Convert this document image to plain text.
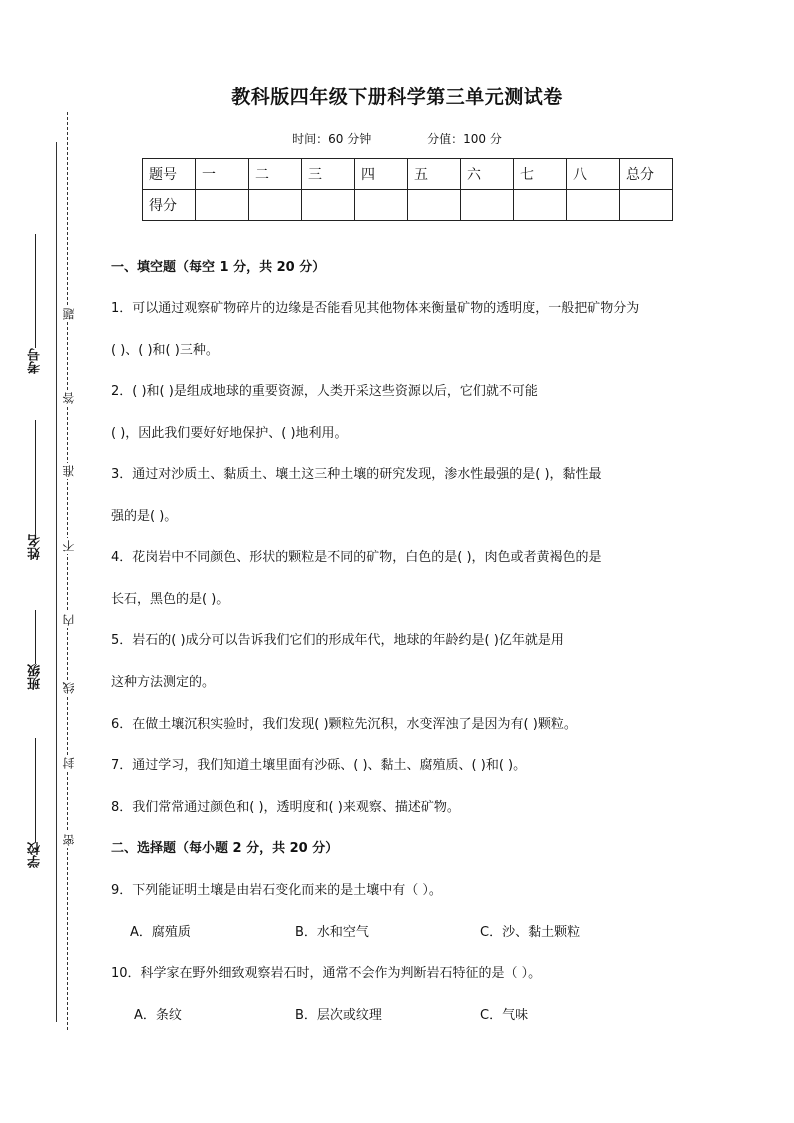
考号
姓名
班级
学校
题
答
准
不
内
线
封
密
教科版四年级下册科学第三单元测试卷
时间：60 分钟	分值：100 分
题号	一	二	三	四	五	六	七	八	总分
得分									
一、填空题（每空 1 分，共 20 分）
1．可以通过观察矿物碎片的边缘是否能看见其他物体来衡量矿物的透明度，一般把矿物分为
( )、( )和( )三种。
2．( )和( )是组成地球的重要资源，人类开采这些资源以后，它们就不可能
( )，因此我们要好好地保护、( )地利用。
3．通过对沙质土、黏质土、壤土这三种土壤的研究发现，渗水性最强的是( )，黏性最
强的是( )。
4．花岗岩中不同颜色、形状的颗粒是不同的矿物，白色的是( )，肉色或者黄褐色的是
长石，黑色的是( )。
5．岩石的( )成分可以告诉我们它们的形成年代，地球的年龄约是( )亿年就是用
这种方法测定的。
6．在做土壤沉积实验时，我们发现( )颗粒先沉积，水变浑浊了是因为有( )颗粒。
7．通过学习，我们知道土壤里面有沙砾、( )、黏土、腐殖质、( )和( )。
8．我们常常通过颜色和( )，透明度和( )来观察、描述矿物。
二、选择题（每小题 2 分，共 20 分）
9．下列能证明土壤是由岩石变化而来的是土壤中有（ ）。
A．腐殖质	B．水和空气	C．沙、黏土颗粒
10．科学家在野外细致观察岩石时，通常不会作为判断岩石特征的是（ ）。
A．条纹	B．层次或纹理	C．气味
